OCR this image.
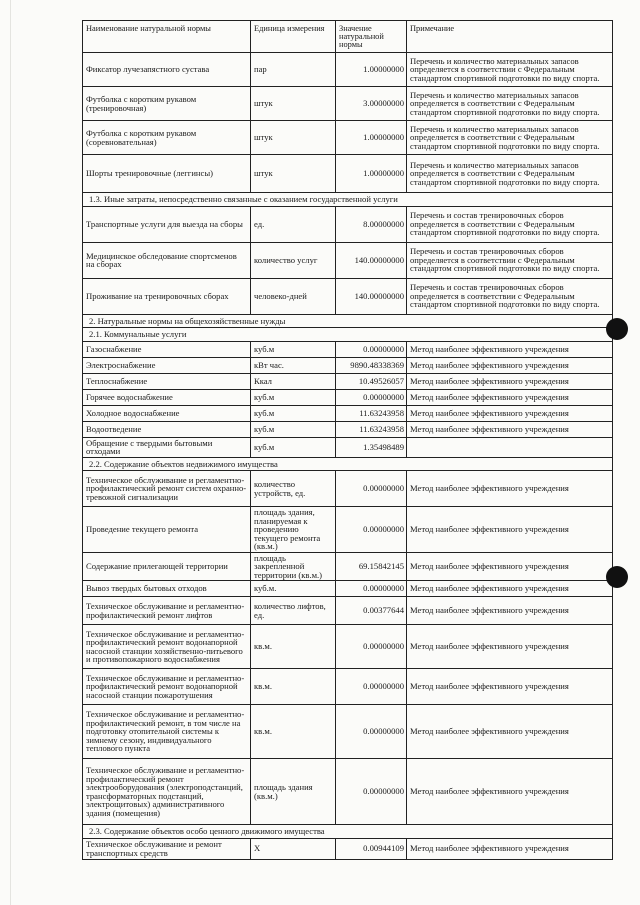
Наименование натуральной нормы	Единица измерения	Значение натуральной нормы	Примечание
Фиксатор лучезапястного сустава	пар	1.00000000	Перечень и количество материальных запасов определяется в соответствии с Федеральным стандартом спортивной подготовки по виду спорта.
Футболка с коротким рукавом (тренировочная)	штук	3.00000000	Перечень и количество материальных запасов определяется в соответствии с Федеральным стандартом спортивной подготовки по виду спорта.
Футболка с коротким рукавом (соревновательная)	штук	1.00000000	Перечень и количество материальных запасов определяется в соответствии с Федеральным стандартом спортивной подготовки по виду спорта.
Шорты тренировочные (леггинсы)	штук	1.00000000	Перечень и количество материальных запасов определяется в соответствии с Федеральным стандартом спортивной подготовки по виду спорта.
1.3. Иные затраты, непосредственно связанные с оказанием государственной услуги			
Транспортные услуги для выезда на сборы	ед.	8.00000000	Перечень и состав тренировочных сборов определяется в соответствии с Федеральным стандартом спортивной подготовки по виду спорта.
Медицинское обследование спортсменов на сборах	количество услуг	140.00000000	Перечень и состав тренировочных сборов определяется в соответствии с Федеральным стандартом спортивной подготовки по виду спорта.
Проживание на тренировочных сборах	человеко-дней	140.00000000	Перечень и состав тренировочных сборов определяется в соответствии с Федеральным стандартом спортивной подготовки по виду спорта.
2. Натуральные нормы на общехозяйственные нужды			
2.1. Коммунальные услуги			
Газоснабжение	куб.м	0.00000000	Метод наиболее эффективного учреждения
Электроснабжение	кВт час.	9890.48338369	Метод наиболее эффективного учреждения
Теплоснабжение	Ккал	10.49526057	Метод наиболее эффективного учреждения
Горячее водоснабжение	куб.м	0.00000000	Метод наиболее эффективного учреждения
Холодное водоснабжение	куб.м	11.63243958	Метод наиболее эффективного учреждения
Водоотведение	куб.м	11.63243958	Метод наиболее эффективного учреждения
Обращение с твердыми бытовыми отходами	куб.м	1.35498489	
2.2. Содержание объектов недвижимого имущества			
Техническое обслуживание и регламентно-профилактический ремонт систем охранно-тревожной сигнализации	количество устройств, ед.	0.00000000	Метод наиболее эффективного учреждения
Проведение текущего ремонта	площадь здания, планируемая к проведению текущего ремонта (кв.м.)	0.00000000	Метод наиболее эффективного учреждения
Содержание прилегающей территории	площадь закрепленной территории (кв.м.)	69.15842145	Метод наиболее эффективного учреждения
Вывоз твердых бытовых отходов	куб.м.	0.00000000	Метод наиболее эффективного учреждения
Техническое обслуживание и регламентно-профилактический ремонт лифтов	количество лифтов, ед.	0.00377644	Метод наиболее эффективного учреждения
Техническое обслуживание и регламентно-профилактический ремонт водонапорной насосной станции хозяйственно-питьевого и противопожарного водоснабжения	кв.м.	0.00000000	Метод наиболее эффективного учреждения
Техническое обслуживание и регламентно-профилактический ремонт водонапорной насосной станции пожаротушения	кв.м.	0.00000000	Метод наиболее эффективного учреждения
Техническое обслуживание и регламентно-профилактический ремонт, в том числе на подготовку отопительной системы к зимнему сезону, индивидуального теплового пункта	кв.м.	0.00000000	Метод наиболее эффективного учреждения
Техническое обслуживание и регламентно-профилактический ремонт электрооборудования (электроподстанций, трансформаторных подстанций, электрощитовых) административного здания (помещения)	площадь здания (кв.м.)	0.00000000	Метод наиболее эффективного учреждения
2.3. Содержание объектов особо ценного движимого имущества			
Техническое обслуживание и ремонт транспортных средств	Х	0.00944109	Метод наиболее эффективного учреждения
